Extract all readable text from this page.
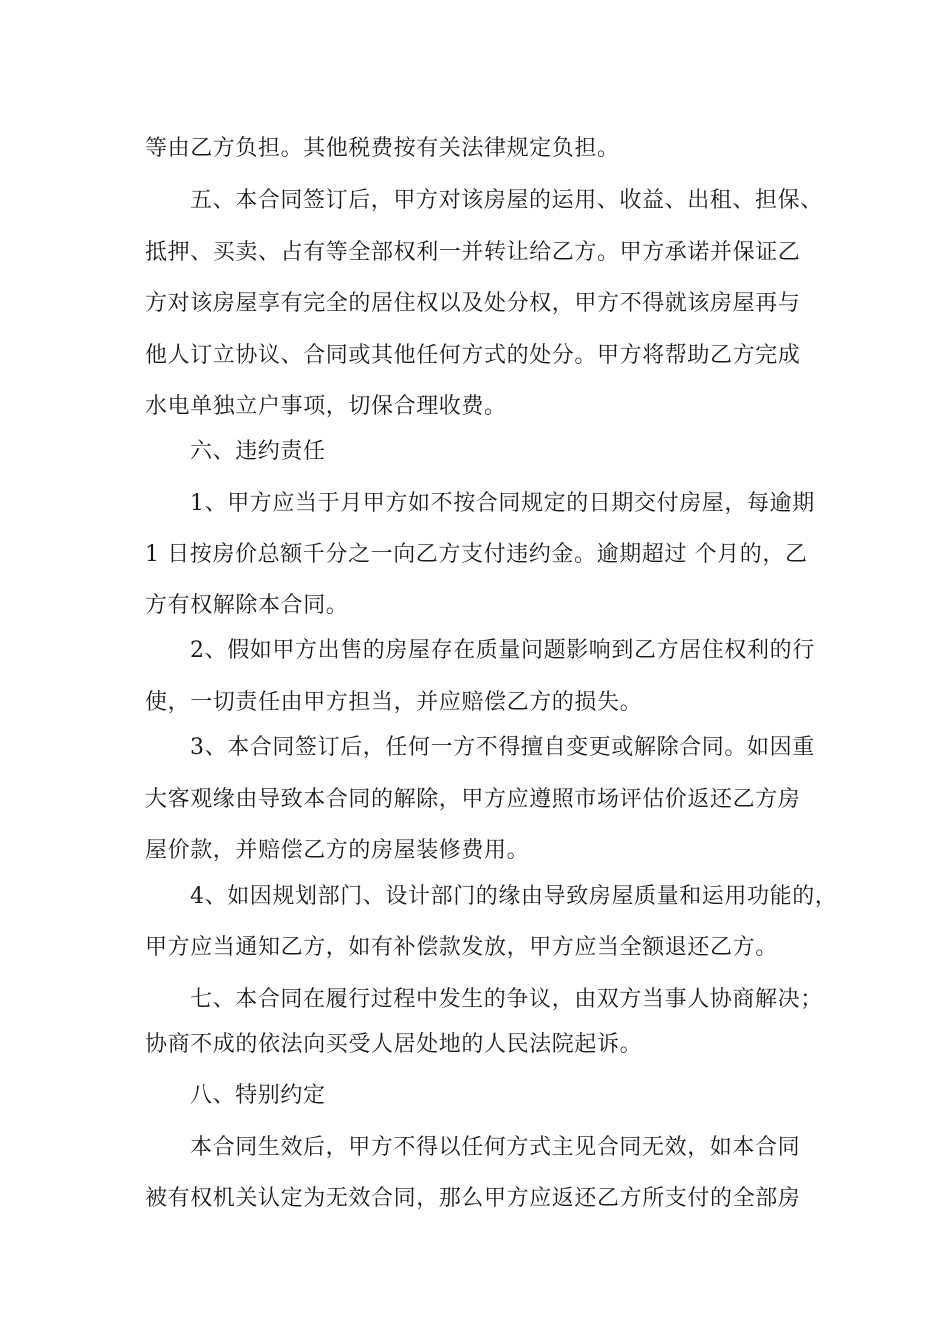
等由乙方负担。其他税费按有关法律规定负担。
五、本合同签订后，甲方对该房屋的运用、收益、出租、担保、
抵押、买卖、占有等全部权利一并转让给乙方。甲方承诺并保证乙
方对该房屋享有完全的居住权以及处分权，甲方不得就该房屋再与
他人订立协议、合同或其他任何方式的处分。甲方将帮助乙方完成
水电单独立户事项，切保合理收费。
六、违约责任
1、甲方应当于月甲方如不按合同规定的日期交付房屋，每逾期
1 日按房价总额千分之一向乙方支付违约金。逾期超过 个月的，乙
方有权解除本合同。
2、假如甲方出售的房屋存在质量问题影响到乙方居住权利的行
使，一切责任由甲方担当，并应赔偿乙方的损失。
3、本合同签订后，任何一方不得擅自变更或解除合同。如因重
大客观缘由导致本合同的解除，甲方应遵照市场评估价返还乙方房
屋价款，并赔偿乙方的房屋装修费用。
4、如因规划部门、设计部门的缘由导致房屋质量和运用功能的，
甲方应当通知乙方，如有补偿款发放，甲方应当全额退还乙方。
七、本合同在履行过程中发生的争议，由双方当事人协商解决；
协商不成的依法向买受人居处地的人民法院起诉。
八、特别约定
本合同生效后，甲方不得以任何方式主见合同无效，如本合同
被有权机关认定为无效合同，那么甲方应返还乙方所支付的全部房
